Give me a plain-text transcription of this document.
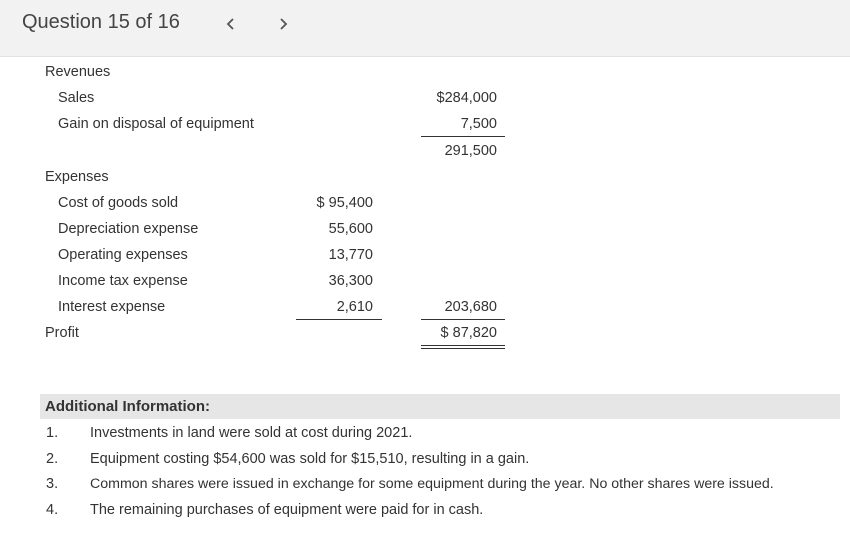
Question 15 of 16
Revenues
Sales	$284,000
Gain on disposal of equipment	7,500
291,500
Expenses
Cost of goods sold	$ 95,400
Depreciation expense	55,600
Operating expenses	13,770
Income tax expense	36,300
Interest expense	2,610	203,680
Profit	$ 87,820
Additional Information:
1. Investments in land were sold at cost during 2021.
2. Equipment costing $54,600 was sold for $15,510, resulting in a gain.
3. Common shares were issued in exchange for some equipment during the year. No other shares were issued.
4. The remaining purchases of equipment were paid for in cash.
